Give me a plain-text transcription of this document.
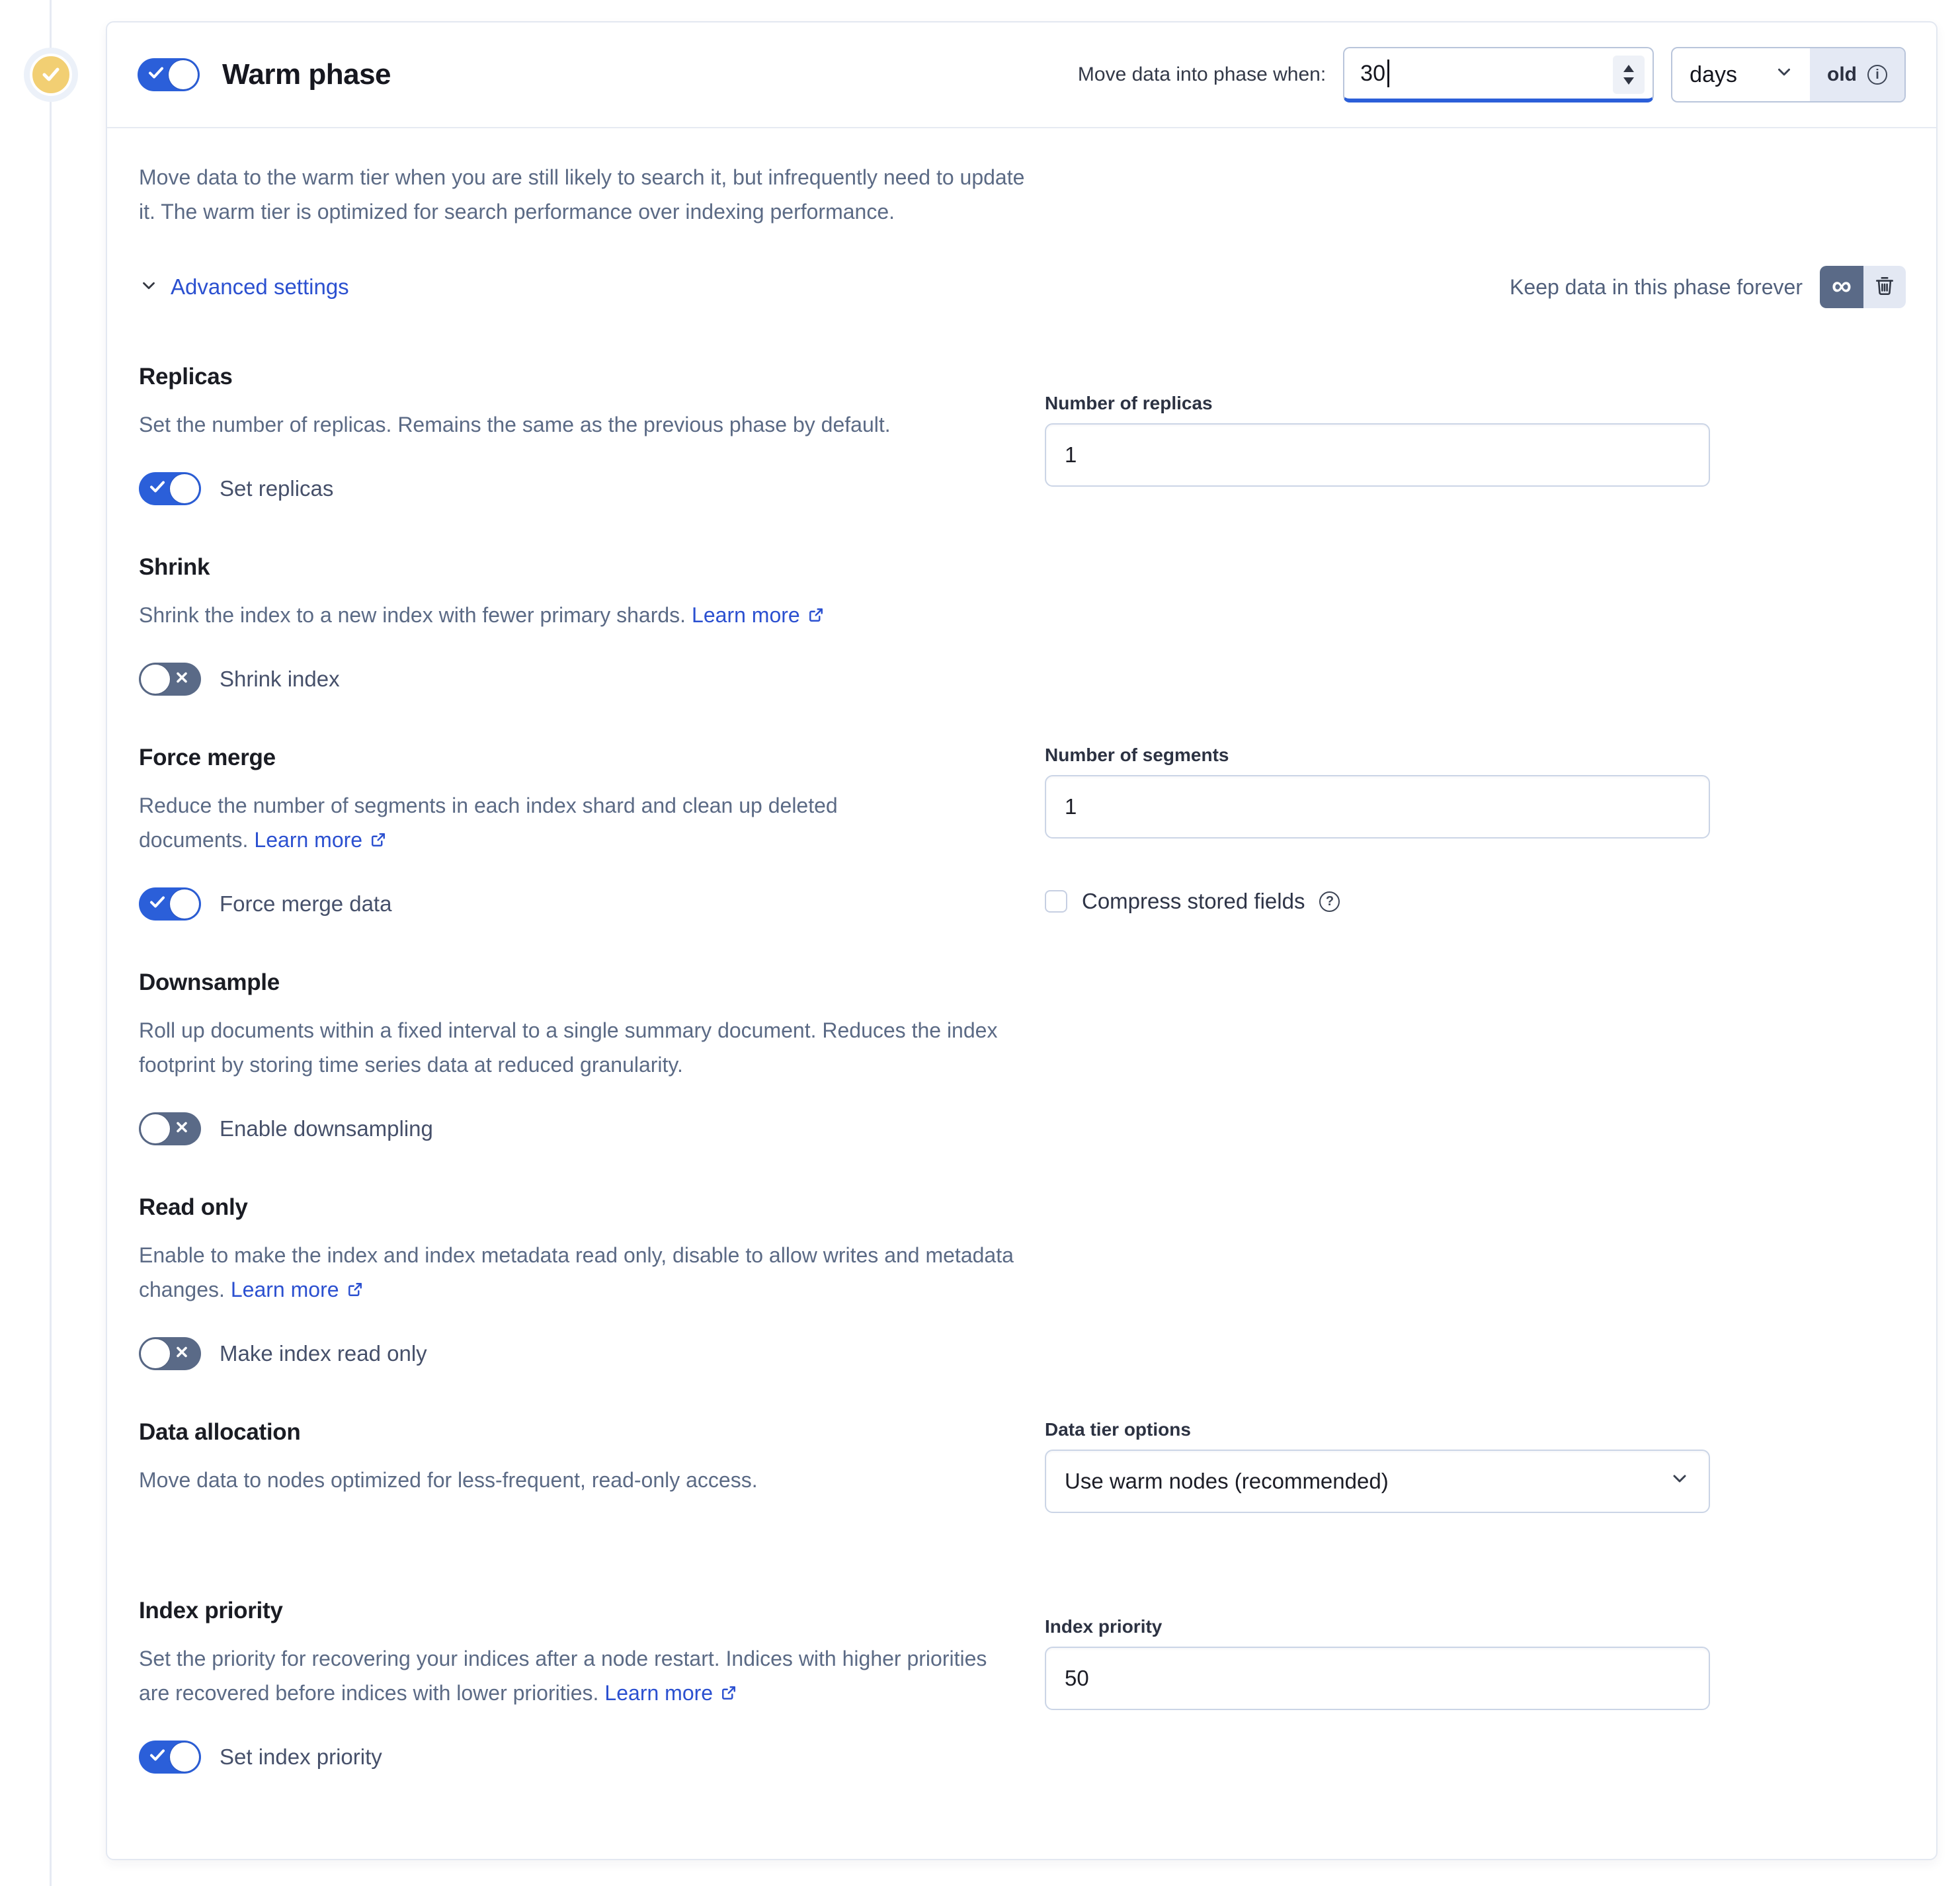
Warm phase	Move data into phase when: 30	days	old	i

Move data to the warm tier when you are still likely to search it, but infrequently need to update it. The warm tier is optimized for search performance over indexing performance.

Advanced settings	Keep data in this phase forever ∞
Replicas

Set the number of replicas. Remains the same as the previous phase by default.

Set replicas
Number of replicas
1
Shrink

Shrink the index to a new index with fewer primary shards. Learn more

Shrink index
Force merge

Reduce the number of segments in each index shard and clean up deleted documents. Learn more

Force merge data
Number of segments
1
Compress stored fields	?
Downsample

Roll up documents within a fixed interval to a single summary document. Reduces the index footprint by storing time series data at reduced granularity.

Enable downsampling
Read only

Enable to make the index and index metadata read only, disable to allow writes and metadata changes. Learn more

Make index read only
Data allocation

Move data to nodes optimized for less-frequent, read-only access.

Data tier options
Use warm nodes (recommended)
Index priority

Set the priority for recovering your indices after a node restart. Indices with higher priorities are recovered before indices with lower priorities. Learn more

Set index priority
Index priority
50
